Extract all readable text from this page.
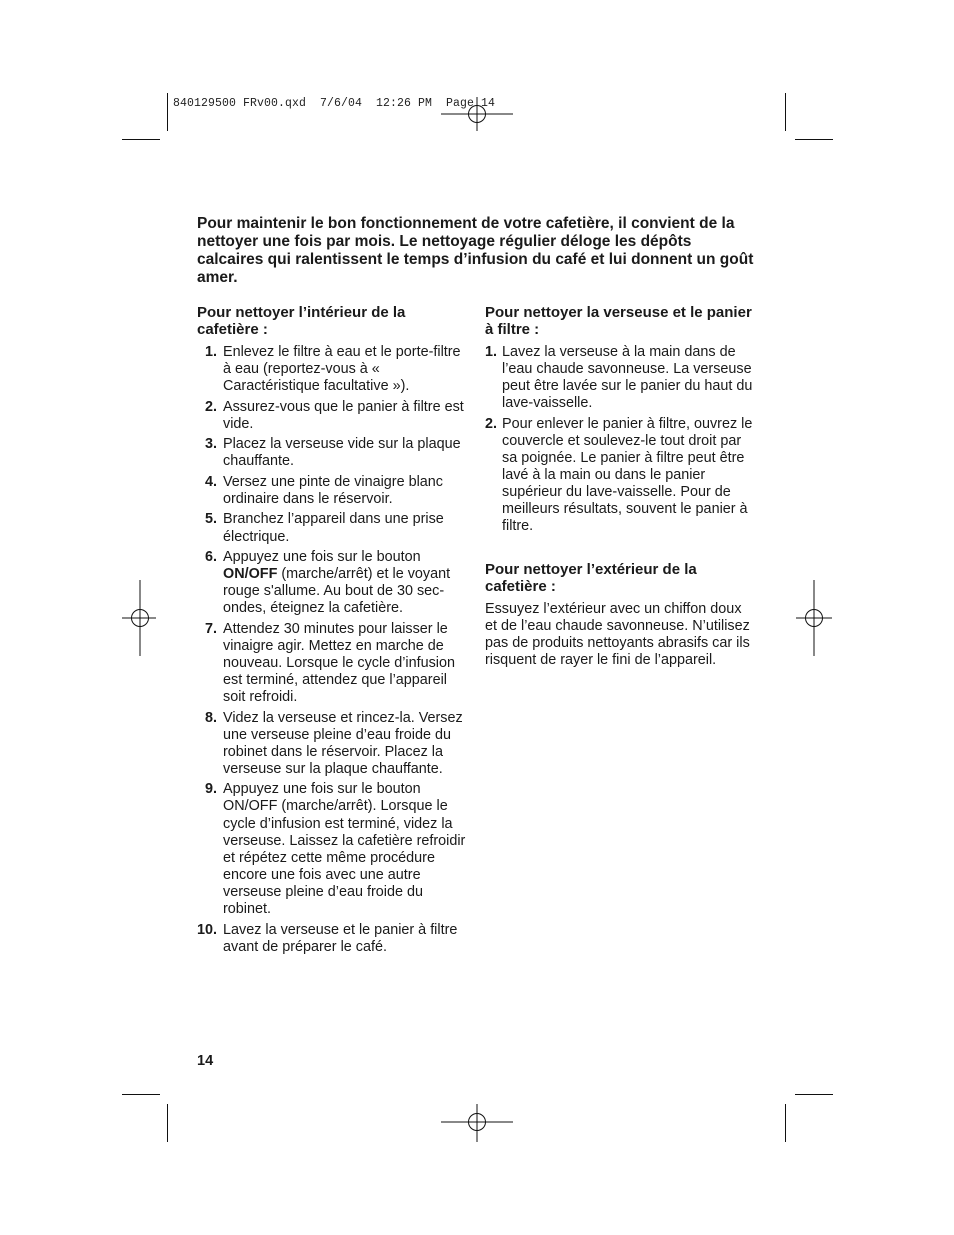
840129500 FRv00.qxd  7/6/04  12:26 PM  Page 14

Pour maintenir le bon fonctionnement de votre cafetière, il convient de la nettoyer une fois par mois. Le nettoyage régulier déloge les dépôts calcaires qui ralentissent le temps d’infusion du café et lui donnent un goût amer.

Pour nettoyer l’intérieur de la cafetière :
1. Enlevez le filtre à eau et le porte-filtre à eau (reportez-vous à « Caractéristique facultative »).
2. Assurez-vous que le panier à filtre est vide.
3. Placez la verseuse vide sur la plaque chauffante.
4. Versez une pinte de vinaigre blanc ordinaire dans le réservoir.
5. Branchez l’appareil dans une prise électrique.
6. Appuyez une fois sur le bouton ON/OFF (marche/arrêt) et le voyant rouge s'allume. Au bout de 30 secondes, éteignez la cafetière.
7. Attendez 30 minutes pour laisser le vinaigre agir. Mettez en marche de nouveau. Lorsque le cycle d’infusion est terminé, attendez que l’appareil soit refroidi.
8. Videz la verseuse et rincez-la. Versez une verseuse pleine d’eau froide du robinet dans le réservoir. Placez la verseuse sur la plaque chauffante.
9. Appuyez une fois sur le bouton ON/OFF (marche/arrêt). Lorsque le cycle d’infusion est terminé, videz la verseuse. Laissez la cafetière refroidir et répétez cette même procédure encore une fois avec une autre verseuse pleine d’eau froide du robinet.
10. Lavez la verseuse et le panier à filtre avant de préparer le café.
Pour nettoyer la verseuse et le panier à filtre :
1. Lavez la verseuse à la main dans de l’eau chaude savonneuse. La verseuse peut être lavée sur le panier du haut du lave-vaisselle.
2. Pour enlever le panier à filtre, ouvrez le couvercle et soulevez-le tout droit par sa poignée. Le panier à filtre peut être lavé à la main ou dans le panier supérieur du lave-vaisselle. Pour de meilleurs résultats, souvent le panier à filtre.
Pour nettoyer l’extérieur de la cafetière :

Essuyez l’extérieur avec un chiffon doux et de l’eau chaude savonneuse. N’utilisez pas de produits nettoyants abrasifs car ils risquent de rayer le fini de l’appareil.

14
